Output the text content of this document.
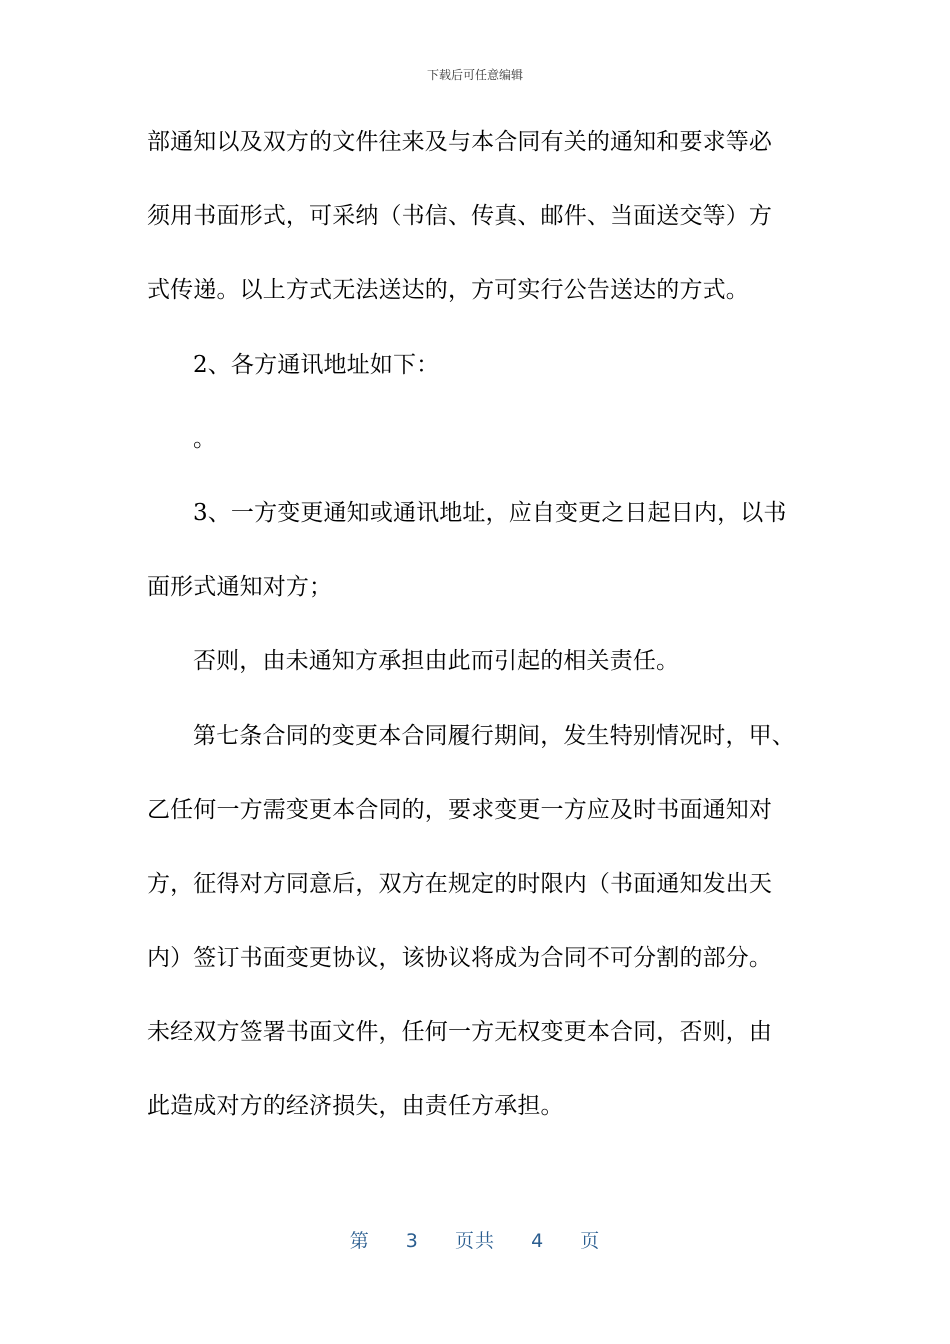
下载后可任意编辑
部通知以及双方的文件往来及与本合同有关的通知和要求等必
须用书面形式，可采纳（书信、传真、邮件、当面送交等）方
式传递。以上方式无法送达的，方可实行公告送达的方式。
2、各方通讯地址如下：
。
3、一方变更通知或通讯地址，应自变更之日起日内，以书
面形式通知对方；
否则，由未通知方承担由此而引起的相关责任。
第七条合同的变更本合同履行期间，发生特别情况时，甲、
乙任何一方需变更本合同的，要求变更一方应及时书面通知对
方，征得对方同意后，双方在规定的时限内（书面通知发出天
内）签订书面变更协议，该协议将成为合同不可分割的部分。
未经双方签署书面文件，任何一方无权变更本合同，否则，由
此造成对方的经济损失，由责任方承担。
第 3 页共 4 页
